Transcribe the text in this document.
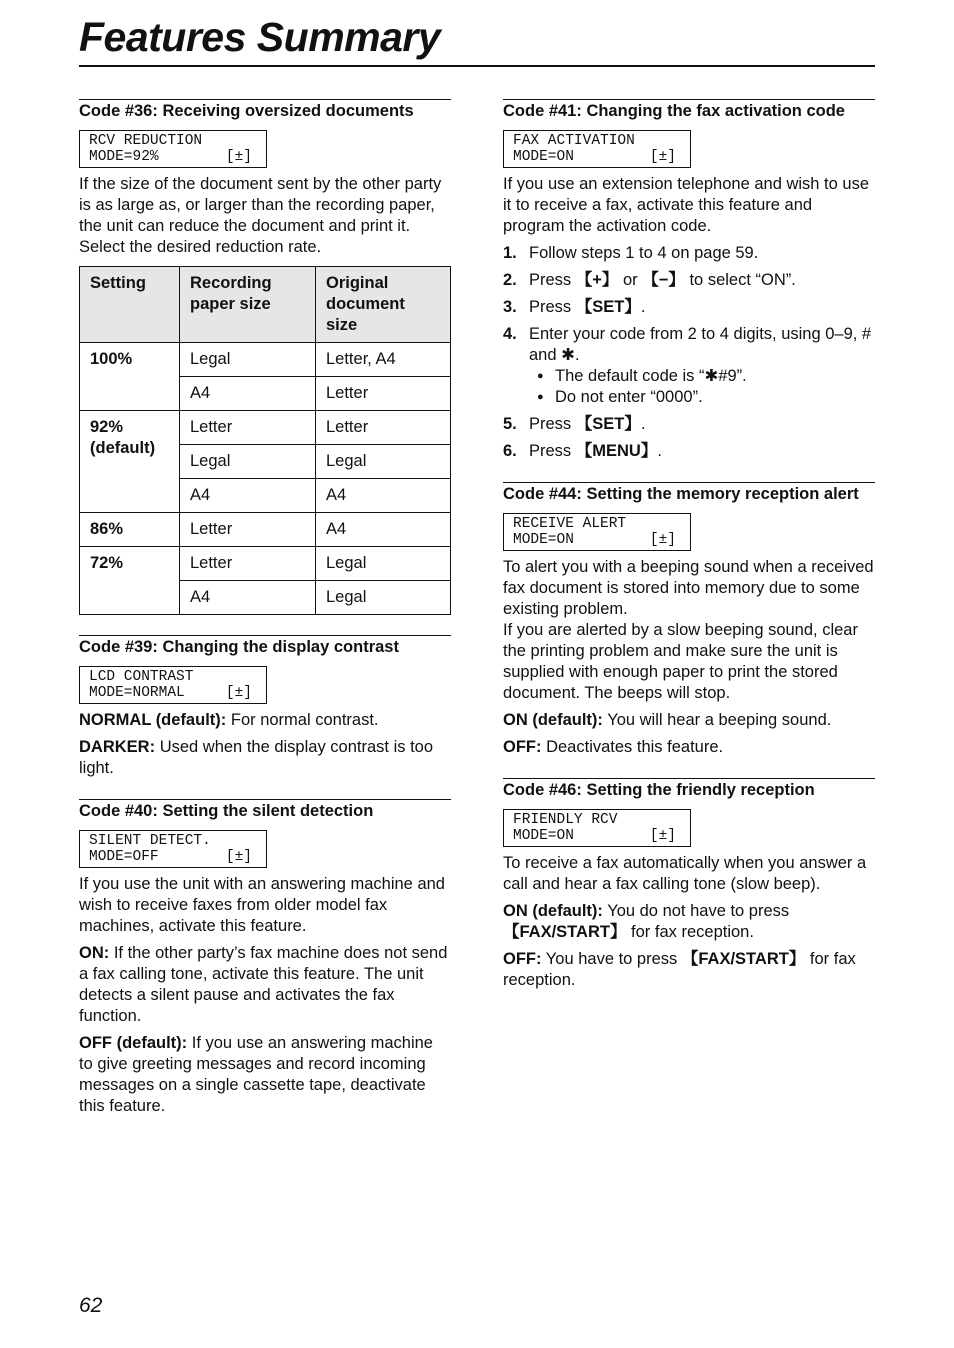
Features Summary
Code #36: Receiving oversized documents
RCV REDUCTION
MODE=92%	[±]

If the size of the document sent by the other party is as large as, or larger than the recording paper, the unit can reduce the document and print it. Select the desired reduction rate.

Setting	Recording paper size	Original document size
100%	Legal	Letter, A4
	A4	Letter
92% (default)	Letter	Letter
	Legal	Legal
	A4	A4
86%	Letter	A4
72%	Letter	Legal
	A4	Legal
Code #39: Changing the display contrast
LCD CONTRAST
MODE=NORMAL	[±]

NORMAL (default): For normal contrast.

DARKER: Used when the display contrast is too light.

Code #40: Setting the silent detection
SILENT DETECT.
MODE=OFF	[±]

If you use the unit with an answering machine and wish to receive faxes from older model fax machines, activate this feature.

ON: If the other party’s fax machine does not send a fax calling tone, activate this feature. The unit detects a silent pause and activates the fax function.

OFF (default): If you use an answering machine to give greeting messages and record incoming messages on a single cassette tape, deactivate this feature.

Code #41: Changing the fax activation code
FAX ACTIVATION
MODE=ON	[±]

If you use an extension telephone and wish to use it to receive a fax, activate this feature and program the activation code.

1. Follow steps 1 to 4 on page 59.
2. Press 【+】 or 【−】 to select “ON”.
3. Press 【SET】.
4. Enter your code from 2 to 4 digits, using 0–9, # and ✱.
● The default code is “✱#9”.
● Do not enter “0000”.
5. Press 【SET】.
6. Press 【MENU】.
Code #44: Setting the memory reception alert
RECEIVE ALERT
MODE=ON	[±]

To alert you with a beeping sound when a received fax document is stored into memory due to some existing problem.

If you are alerted by a slow beeping sound, clear the printing problem and make sure the unit is supplied with enough paper to print the stored document. The beeps will stop.

ON (default): You will hear a beeping sound.

OFF: Deactivates this feature.

Code #46: Setting the friendly reception
FRIENDLY RCV
MODE=ON	[±]

To receive a fax automatically when you answer a call and hear a fax calling tone (slow beep).

ON (default): You do not have to press 【FAX/START】 for fax reception.

OFF: You have to press 【FAX/START】 for fax reception.

62
